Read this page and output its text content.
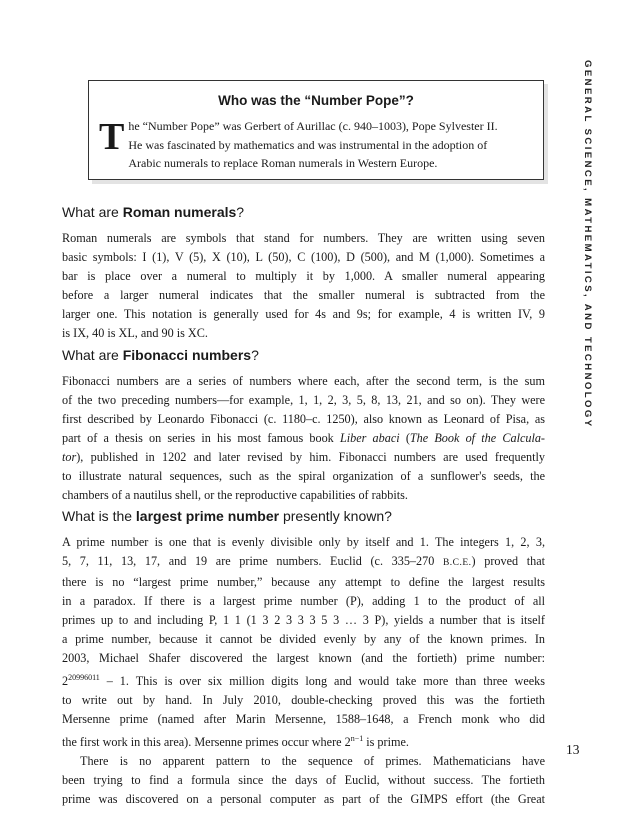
GENERAL SCIENCE, MATHEMATICS, AND TECHNOLOGY
Who was the “Number Pope”?
T he “Number Pope” was Gerbert of Aurillac (c. 940–1003), Pope Sylvester II.
He was fascinated by mathematics and was instrumental in the adoption of
Arabic numerals to replace Roman numerals in Western Europe.
What are Roman numerals?
Roman numerals are symbols that stand for numbers. They are written using seven
basic symbols: I (1), V (5), X (10), L (50), C (100), D (500), and M (1,000). Sometimes a
bar is place over a numeral to multiply it by 1,000. A smaller numeral appearing
before a larger numeral indicates that the smaller numeral is subtracted from the
larger one. This notation is generally used for 4s and 9s; for example, 4 is written IV, 9
is IX, 40 is XL, and 90 is XC.
What are Fibonacci numbers?
Fibonacci numbers are a series of numbers where each, after the second term, is the sum
of the two preceding numbers—for example, 1, 1, 2, 3, 5, 8, 13, 21, and so on). They were
first described by Leonardo Fibonacci (c. 1180–c. 1250), also known as Leonard of Pisa, as
part of a thesis on series in his most famous book Liber abaci (The Book of the Calcula-
tor), published in 1202 and later revised by him. Fibonacci numbers are used frequently
to illustrate natural sequences, such as the spiral organization of a sunflower's seeds, the
chambers of a nautilus shell, or the reproductive capabilities of rabbits.
What is the largest prime number presently known?
A prime number is one that is evenly divisible only by itself and 1. The integers 1, 2, 3,
5, 7, 11, 13, 17, and 19 are prime numbers. Euclid (c. 335–270 B.C.E.) proved that
there is no “largest prime number,” because any attempt to define the largest results
in a paradox. If there is a largest prime number (P), adding 1 to the product of all
primes up to and including P, 1 1 (1 3 2 3 3 3 5 3 … 3 P), yields a number that is itself
a prime number, because it cannot be divided evenly by any of the known primes. In
2003, Michael Shafer discovered the largest known (and the fortieth) prime number:
$2^{20996011} - 1$. This is over six million digits long and would take more than three weeks
to write out by hand. In July 2010, double-checking proved this was the fortieth
Mersenne prime (named after Marin Mersenne, 1588–1648, a French monk who did
the first work in this area). Mersenne primes occur where $2^{n-1}$ is prime.
There is no apparent pattern to the sequence of primes. Mathematicians have
been trying to find a formula since the days of Euclid, without success. The fortieth
prime was discovered on a personal computer as part of the GIMPS effort (the Great
13
